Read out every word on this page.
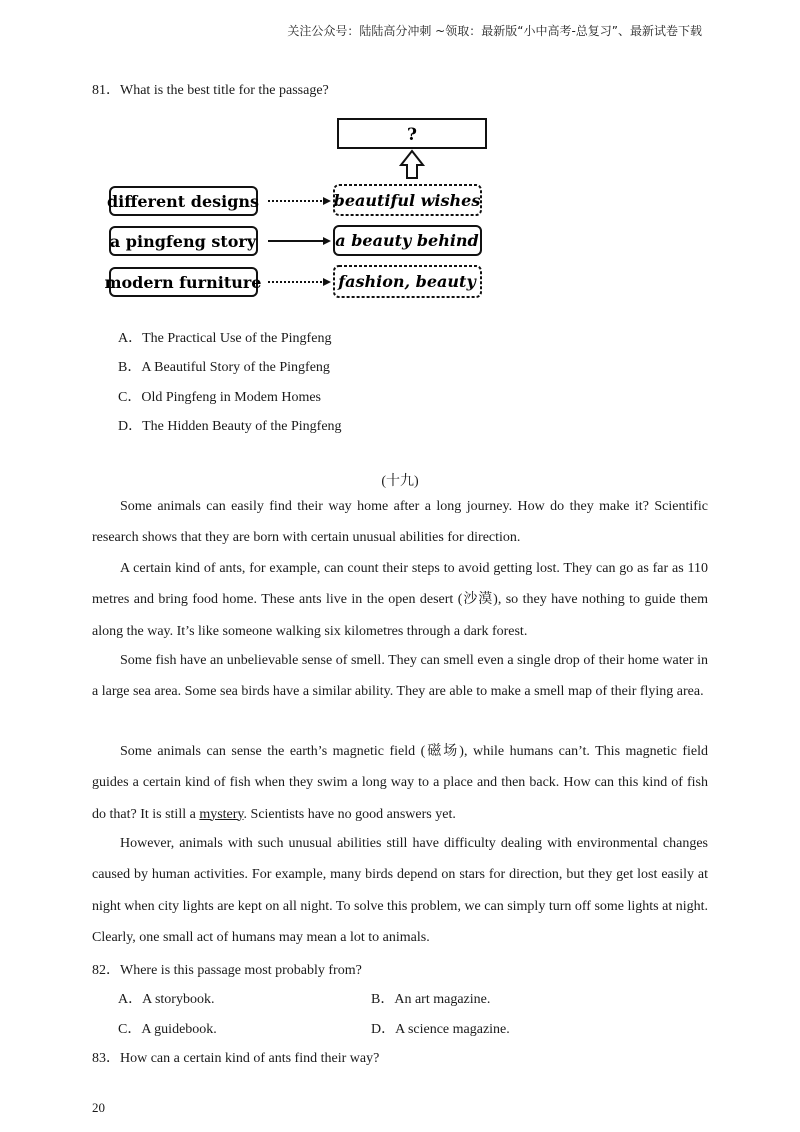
关注公众号：陆陆高分冲刺 ~领取：最新版“小中高考-总复习”、最新试卷下载
81．What is the best title for the passage?
?
different designs
a pingfeng story
modern furniture
beautiful wishes
a beauty behind
fashion, beauty
A．The Practical Use of the Pingfeng
B．A Beautiful Story of the Pingfeng
C．Old Pingfeng in Modem Homes
D．The Hidden Beauty of the Pingfeng
(十九)

Some animals can easily find their way home after a long journey. How do they make it? Scientific research shows that they are born with certain unusual abilities for direction.

A certain kind of ants, for example, can count their steps to avoid getting lost. They can go as far as 110 metres and bring food home. These ants live in the open desert (沙漠), so they have nothing to guide them along the way. It’s like someone walking six kilometres through a dark forest.

Some fish have an unbelievable sense of smell. They can smell even a single drop of their home water in a large sea area. Some sea birds have a similar ability. They are able to make a smell map of their flying area.

Some animals can sense the earth’s magnetic field (磁场), while humans can’t. This magnetic field guides a certain kind of fish when they swim a long way to a place and then back. How can this kind of fish do that? It is still a mystery. Scientists have no good answers yet.

However, animals with such unusual abilities still have difficulty dealing with environmental changes caused by human activities. For example, many birds depend on stars for direction, but they get lost easily at night when city lights are kept on all night. To solve this problem, we can simply turn off some lights at night. Clearly, one small act of humans may mean a lot to animals.

82．Where is this passage most probably from?
A．A storybook.	B．An art magazine.
C．A guidebook.	D．A science magazine.
83．How can a certain kind of ants find their way?
20
